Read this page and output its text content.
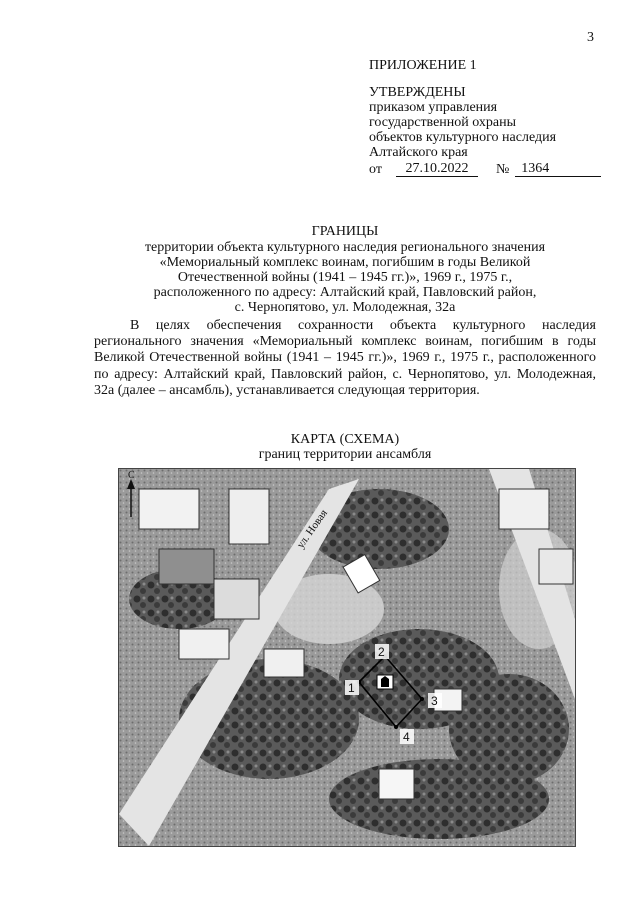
3
ПРИЛОЖЕНИЕ 1
УТВЕРЖДЕНЫ
приказом управления
государственной охраны
объектов культурного наследия
Алтайского края
от	27.10.2022	№ 1364
ГРАНИЦЫ
территории объекта культурного наследия регионального значения
«Мемориальный комплекс воинам, погибшим в годы Великой
Отечественной войны (1941 – 1945 гг.)», 1969 г., 1975 г.,
расположенного по адресу: Алтайский край, Павловский район,
с. Чернопятово, ул. Молодежная, 32а
В целях обеспечения сохранности объекта культурного наследия регионального значения «Мемориальный комплекс воинам, погибшим в годы Великой Отечественной войны (1941 – 1945 гг.)», 1969 г., 1975 г., расположенного по адресу: Алтайский край, Павловский район, с. Чернопятово, ул. Молодежная, 32а (далее – ансамбль), устанавливается следующая территория.
КАРТА (СХЕМА)
границ территории ансамбля
С
ул. Новая
1
2
3
4
